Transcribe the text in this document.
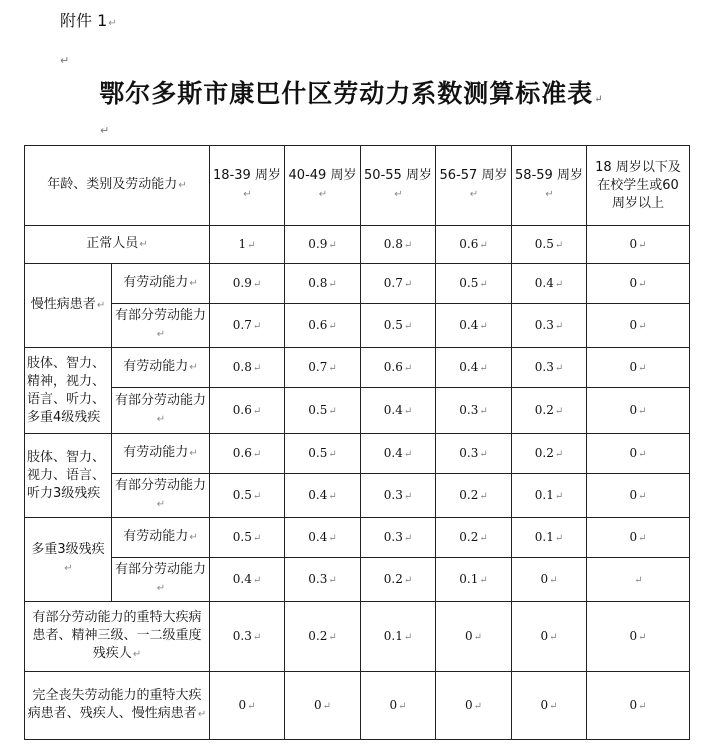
附件 1↵
↵
鄂尔多斯市康巴什区劳动力系数测算标准表↵
↵
年龄、类别及劳动能力↵		18-39 周岁↵	40-49 周岁↵	50-55 周岁↵	56-57 周岁↵	58-59 周岁↵	18 周岁以下及在校学生或60 周岁以上
正常人员↵		1↵	0.9↵	0.8↵	0.6↵	0.5↵	0↵
慢性病患者↵	有劳动能力↵	0.9↵	0.8↵	0.7↵	0.5↵	0.4↵	0↵
	有部分劳动能力↵	0.7↵	0.6↵	0.5↵	0.4↵	0.3↵	0↵
肢体、智力、精神，视力、语言、听力、多重4级残疾	有劳动能力↵	0.8↵	0.7↵	0.6↵	0.4↵	0.3↵	0↵
	有部分劳动能力↵	0.6↵	0.5↵	0.4↵	0.3↵	0.2↵	0↵
肢体、智力、视力、语言、听力3级残疾	有劳动能力↵	0.6↵	0.5↵	0.4↵	0.3↵	0.2↵	0↵
	有部分劳动能力↵	0.5↵	0.4↵	0.3↵	0.2↵	0.1↵	0↵
多重3级残疾↵	有劳动能力↵	0.5↵	0.4↵	0.3↵	0.2↵	0.1↵	0↵
	有部分劳动能力↵	0.4↵	0.3↵	0.2↵	0.1↵	0↵	↵
有部分劳动能力的重特大疾病患者、精神三级、一二级重度残疾人↵		0.3↵	0.2↵	0.1↵	0↵	0↵	0↵
完全丧失劳动能力的重特大疾病患者、残疾人、慢性病患者↵		0↵	0↵	0↵	0↵	0↵	0↵
